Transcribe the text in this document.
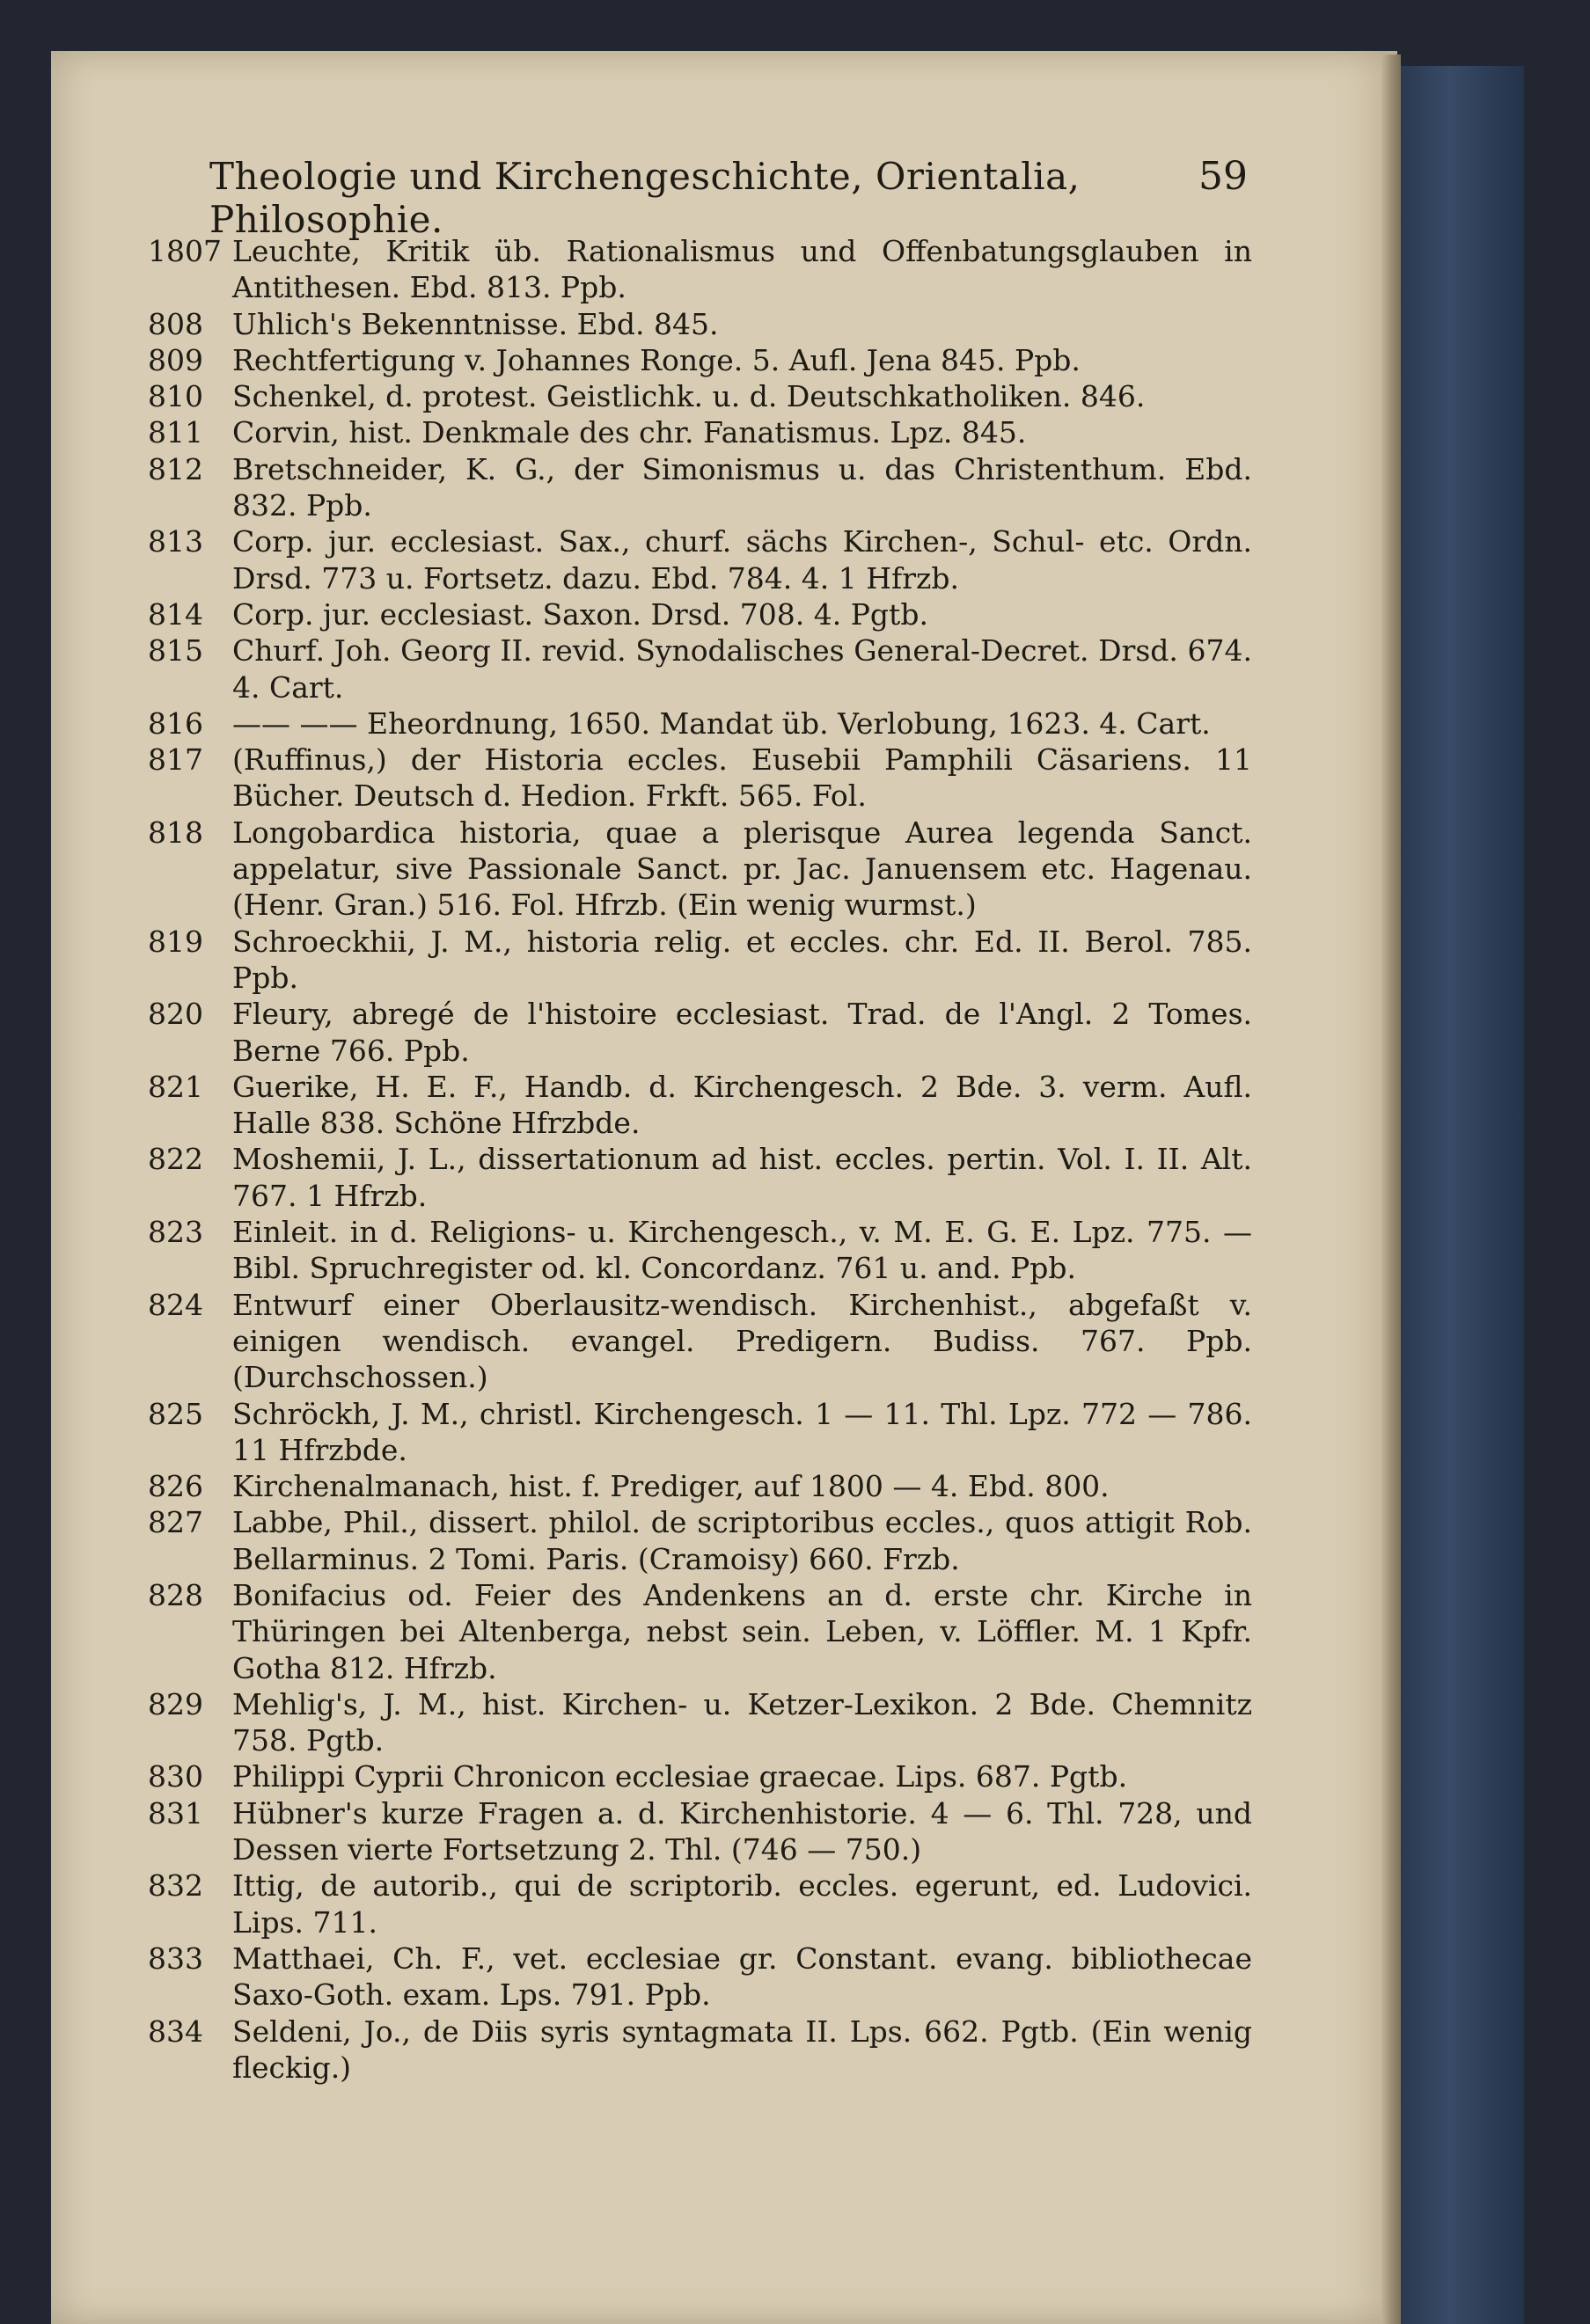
Theologie und Kirchengeschichte, Orientalia, Philosophie.
59
1807 Leuchte, Kritik üb. Rationalismus und Offenbatungsglauben in Antithesen. Ebd. 813. Ppb.
808	Uhlich's Bekenntnisse. Ebd. 845.
809	Rechtfertigung v. Johannes Ronge. 5. Aufl. Jena 845. Ppb.
810	Schenkel, d. protest. Geistlichk. u. d. Deutschkatholiken. 846.
811	Corvin, hist. Denkmale des chr. Fanatismus. Lpz. 845.
812	Bretschneider, K. G., der Simonismus u. das Christenthum. Ebd. 832. Ppb.
813	Corp. jur. ecclesiast. Sax., churf. sächs Kirchen-, Schul- etc. Ordn. Drsd. 773 u. Fortsetz. dazu. Ebd. 784. 4. 1 Hfrzb.
814	Corp. jur. ecclesiast. Saxon. Drsd. 708. 4. Pgtb.
815	Churf. Joh. Georg II. revid. Synodalisches General-Decret. Drsd. 674. 4. Cart.
816	—— —— Eheordnung, 1650. Mandat üb. Verlobung, 1623. 4. Cart.
817	(Ruffinus,) der Historia eccles. Eusebii Pamphili Cäsariens. 11 Bücher. Deutsch d. Hedion. Frkft. 565. Fol.
818	Longobardica historia, quae a plerisque Aurea legenda Sanct. appelatur, sive Passionale Sanct. pr. Jac. Januensem etc. Hagenau. (Henr. Gran.) 516. Fol. Hfrzb. (Ein wenig wurmst.)
819	Schroeckhii, J. M., historia relig. et eccles. chr. Ed. II. Berol. 785. Ppb.
820	Fleury, abregé de l'histoire ecclesiast. Trad. de l'Angl. 2 Tomes. Berne 766. Ppb.
821	Guerike, H. E. F., Handb. d. Kirchengesch. 2 Bde. 3. verm. Aufl. Halle 838. Schöne Hfrzbde.
822	Moshemii, J. L., dissertationum ad hist. eccles. pertin. Vol. I. II. Alt. 767. 1 Hfrzb.
823	Einleit. in d. Religions- u. Kirchengesch., v. M. E. G. E. Lpz. 775. — Bibl. Spruchregister od. kl. Concordanz. 761 u. and. Ppb.
824	Entwurf einer Oberlausitz-wendisch. Kirchenhist., abgefaßt v. einigen wendisch. evangel. Predigern. Budiss. 767. Ppb. (Durchschossen.)
825	Schröckh, J. M., christl. Kirchengesch. 1 — 11. Thl. Lpz. 772 — 786. 11 Hfrzbde.
826	Kirchenalmanach, hist. f. Prediger, auf 1800 — 4. Ebd. 800.
827	Labbe, Phil., dissert. philol. de scriptoribus eccles., quos attigit Rob. Bellarminus. 2 Tomi. Paris. (Cramoisy) 660. Frzb.
828	Bonifacius od. Feier des Andenkens an d. erste chr. Kirche in Thüringen bei Altenberga, nebst sein. Leben, v. Löffler. M. 1 Kpfr. Gotha 812. Hfrzb.
829	Mehlig's, J. M., hist. Kirchen- u. Ketzer-Lexikon. 2 Bde. Chemnitz 758. Pgtb.
830	Philippi Cyprii Chronicon ecclesiae graecae. Lips. 687. Pgtb.
831	Hübner's kurze Fragen a. d. Kirchenhistorie. 4 — 6. Thl. 728, und Dessen vierte Fortsetzung 2. Thl. (746 — 750.)
832	Ittig, de autorib., qui de scriptorib. eccles. egerunt, ed. Ludovici. Lips. 711.
833	Matthaei, Ch. F., vet. ecclesiae gr. Constant. evang. bibliothecae Saxo-Goth. exam. Lps. 791. Ppb.
834	Seldeni, Jo., de Diis syris syntagmata II. Lps. 662. Pgtb. (Ein wenig fleckig.)
